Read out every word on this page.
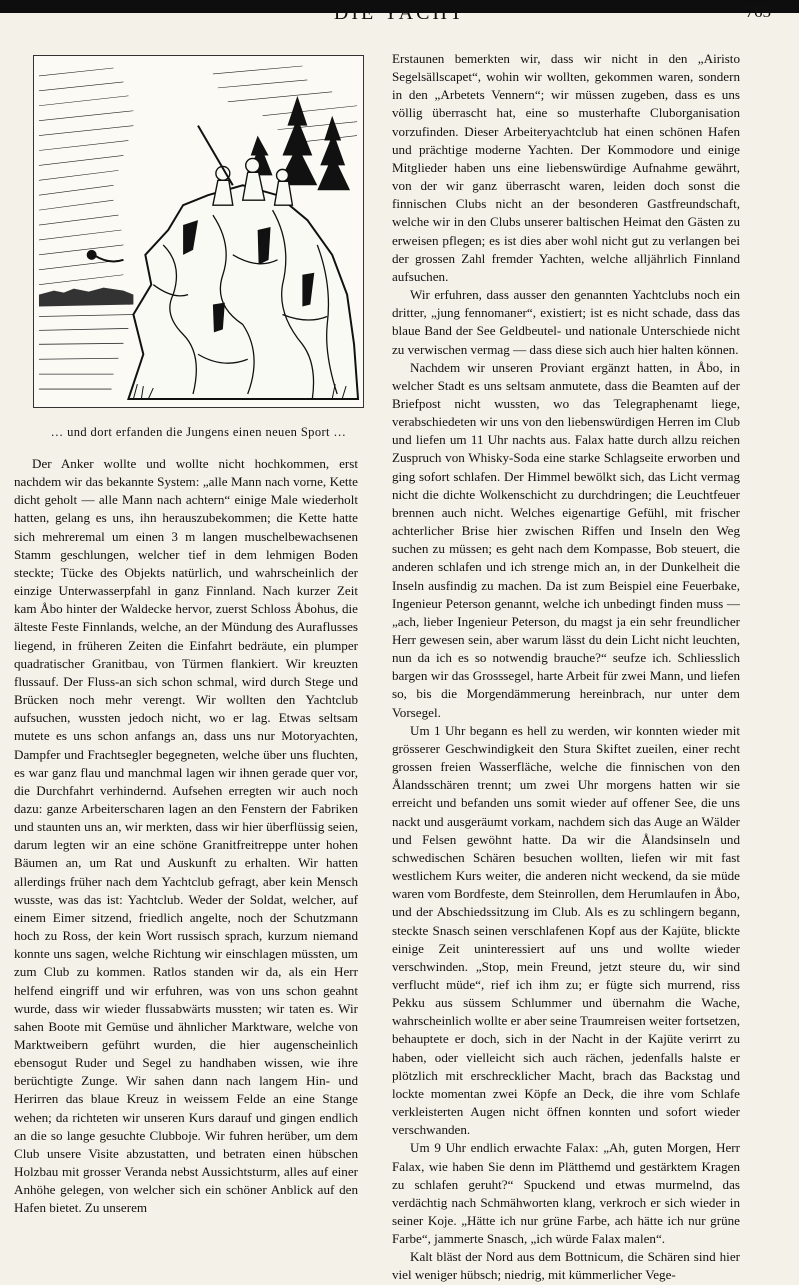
DIE YACHT	765
… und dort erfanden die Jungens einen neuen Sport …

Der Anker wollte und wollte nicht hochkommen, erst nachdem wir das bekannte System: „alle Mann nach vorne, Kette dicht geholt — alle Mann nach achtern“ einige Male wiederholt hatten, gelang es uns, ihn herauszubekommen; die Kette hatte sich mehreremal um einen 3 m langen muschelbewachsenen Stamm geschlungen, welcher tief in dem lehmigen Boden steckte; Tücke des Objekts natürlich, und wahrscheinlich der einzige Unterwasserpfahl in ganz Finnland. Nach kurzer Zeit kam Åbo hinter der Waldecke hervor, zuerst Schloss Åbohus, die älteste Feste Finnlands, welche, an der Mündung des Auraflusses liegend, in früheren Zeiten die Einfahrt bedräute, ein plumper quadratischer Granitbau, von Türmen flankiert. Wir kreuzten flussauf. Der Fluss-an sich schon schmal, wird durch Stege und Brücken noch mehr verengt. Wir wollten den Yachtclub aufsuchen, wussten jedoch nicht, wo er lag. Etwas seltsam mutete es uns schon anfangs an, dass uns nur Motoryachten, Dampfer und Frachtsegler begegneten, welche über uns fluchten, es war ganz flau und manchmal lagen wir ihnen gerade quer vor, die Durchfahrt verhindernd. Aufsehen erregten wir auch noch dazu: ganze Arbeiterscharen lagen an den Fenstern der Fabriken und staunten uns an, wir merkten, dass wir hier überflüssig seien, darum legten wir an eine schöne Granitfreitreppe unter hohen Bäumen an, um Rat und Auskunft zu erhalten. Wir hatten allerdings früher nach dem Yachtclub gefragt, aber kein Mensch wusste, was das ist: Yachtclub. Weder der Soldat, welcher, auf einem Eimer sitzend, friedlich angelte, noch der Schutzmann hoch zu Ross, der kein Wort russisch sprach, kurzum niemand konnte uns sagen, welche Richtung wir einschlagen müssten, um zum Club zu kommen. Ratlos standen wir da, als ein Herr helfend eingriff und wir erfuhren, was von uns schon geahnt wurde, dass wir wieder flussabwärts mussten; wir taten es. Wir sahen Boote mit Gemüse und ähnlicher Marktware, welche von Marktweibern geführt wurden, die hier augenscheinlich ebensogut Ruder und Segel zu handhaben wissen, wie ihre berüchtigte Zunge. Wir sahen dann nach langem Hin- und Herirren das blaue Kreuz in weissem Felde an eine Stange wehen; da richteten wir unseren Kurs darauf und gingen endlich an die so lange gesuchte Clubboje. Wir fuhren herüber, um dem Club unsere Visite abzustatten, und betraten einen hübschen Holzbau mit grosser Veranda nebst Aussichtsturm, alles auf einer Anhöhe gelegen, von welcher sich ein schöner Anblick auf den Hafen bietet. Zu unserem

Erstaunen bemerkten wir, dass wir nicht in den „Airisto Segelsällscapet“, wohin wir wollten, gekommen waren, sondern in den „Arbetets Vennern“; wir müssen zugeben, dass es uns völlig überrascht hat, eine so musterhafte Cluborganisation vorzufinden. Dieser Arbeiteryachtclub hat einen schönen Hafen und prächtige moderne Yachten. Der Kommodore und einige Mitglieder haben uns eine liebenswürdige Aufnahme gewährt, von der wir ganz überrascht waren, leiden doch sonst die finnischen Clubs nicht an der besonderen Gastfreundschaft, welche wir in den Clubs unserer baltischen Heimat den Gästen zu erweisen pflegen; es ist dies aber wohl nicht gut zu verlangen bei der grossen Zahl fremder Yachten, welche alljährlich Finnland aufsuchen.

Wir erfuhren, dass ausser den genannten Yachtclubs noch ein dritter, „jung fennomaner“, existiert; ist es nicht schade, dass das blaue Band der See Geldbeutel- und nationale Unterschiede nicht zu verwischen vermag — dass diese sich auch hier halten können.

Nachdem wir unseren Proviant ergänzt hatten, in Åbo, in welcher Stadt es uns seltsam anmutete, dass die Beamten auf der Briefpost nicht wussten, wo das Telegraphenamt liege, verabschiedeten wir uns von den liebenswürdigen Herren im Club und liefen um 11 Uhr nachts aus. Falax hatte durch allzu reichen Zuspruch von Whisky-Soda eine starke Schlagseite erworben und ging sofort schlafen. Der Himmel bewölkt sich, das Licht vermag nicht die dichte Wolkenschicht zu durchdringen; die Leuchtfeuer brennen auch nicht. Welches eigenartige Gefühl, mit frischer achterlicher Brise hier zwischen Riffen und Inseln den Weg suchen zu müssen; es geht nach dem Kompasse, Bob steuert, die anderen schlafen und ich strenge mich an, in der Dunkelheit die Inseln ausfindig zu machen. Da ist zum Beispiel eine Feuerbake, Ingenieur Peterson genannt, welche ich unbedingt finden muss — „ach, lieber Ingenieur Peterson, du magst ja ein sehr freundlicher Herr gewesen sein, aber warum lässt du dein Licht nicht leuchten, nun da ich es so notwendig brauche?“ seufze ich. Schliesslich bargen wir das Grosssegel, harte Arbeit für zwei Mann, und liefen so, bis die Morgendämmerung hereinbrach, nur unter dem Vorsegel.

Um 1 Uhr begann es hell zu werden, wir konnten wieder mit grösserer Geschwindigkeit den Stura Skiftet zueilen, einer recht grossen freien Wasserfläche, welche die finnischen von den Ålandsschären trennt; um zwei Uhr morgens hatten wir sie erreicht und befanden uns somit wieder auf offener See, die uns nackt und ausgeräumt vorkam, nachdem sich das Auge an Wälder und Felsen gewöhnt hatte. Da wir die Ålandsinseln und schwedischen Schären besuchen wollten, liefen wir mit fast westlichem Kurs weiter, die anderen nicht weckend, da sie müde waren vom Bordfeste, dem Steinrollen, dem Herumlaufen in Åbo, und der Abschiedssitzung im Club. Als es zu schlingern begann, steckte Snasch seinen verschlafenen Kopf aus der Kajüte, blickte einige Zeit uninteressiert auf uns und wollte wieder verschwinden. „Stop, mein Freund, jetzt steure du, wir sind verflucht müde“, rief ich ihm zu; er fügte sich murrend, riss Pekku aus süssem Schlummer und übernahm die Wache, wahrscheinlich wollte er aber seine Traumreisen weiter fortsetzen, behauptete er doch, sich in der Nacht in der Kajüte verirrt zu haben, oder vielleicht sich auch rächen, jedenfalls halste er plötzlich mit erschrecklicher Macht, brach das Backstag und lockte momentan zwei Köpfe an Deck, die ihre vom Schlafe verkleisterten Augen nicht öffnen konnten und sofort wieder verschwanden.

Um 9 Uhr endlich erwachte Falax: „Ah, guten Morgen, Herr Falax, wie haben Sie denn im Plätthemd und gestärktem Kragen zu schlafen geruht?“ Spuckend und etwas murmelnd, das verdächtig nach Schmähworten klang, verkroch er sich wieder in seiner Koje. „Hätte ich nur grüne Farbe, ach hätte ich nur grüne Farbe“, jammerte Snasch, „ich würde Falax malen“.

Kalt bläst der Nord aus dem Bottnicum, die Schären sind hier viel weniger hübsch; niedrig, mit kümmerlicher Vege-
